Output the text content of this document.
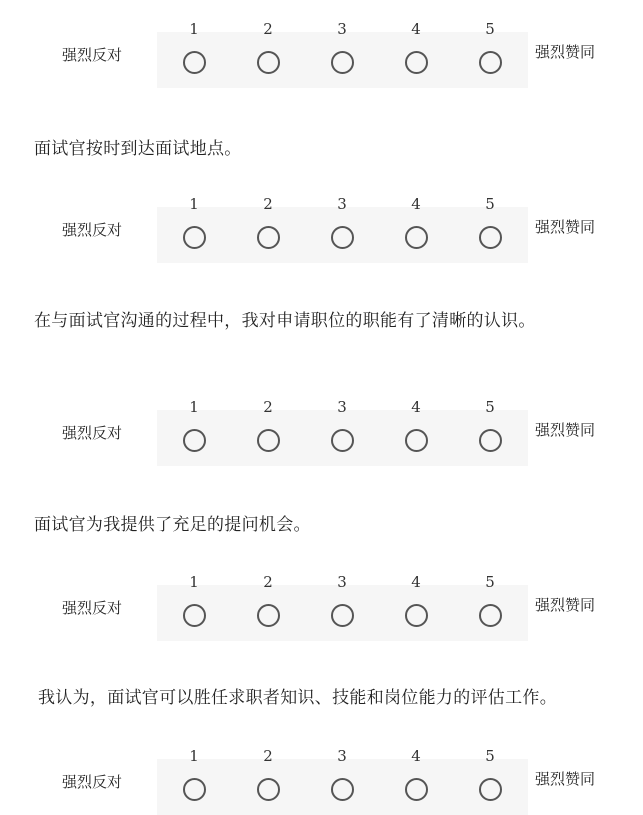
强烈反对	强烈赞同
1	2	3	4	5
面试官按时到达面试地点。
强烈反对	强烈赞同
1	2	3	4	5
在与面试官沟通的过程中，我对申请职位的职能有了清晰的认识。
强烈反对	强烈赞同
1	2	3	4	5
面试官为我提供了充足的提问机会。
强烈反对	强烈赞同
1	2	3	4	5
我认为，面试官可以胜任求职者知识、技能和岗位能力的评估工作。
强烈反对	强烈赞同
1	2	3	4	5
